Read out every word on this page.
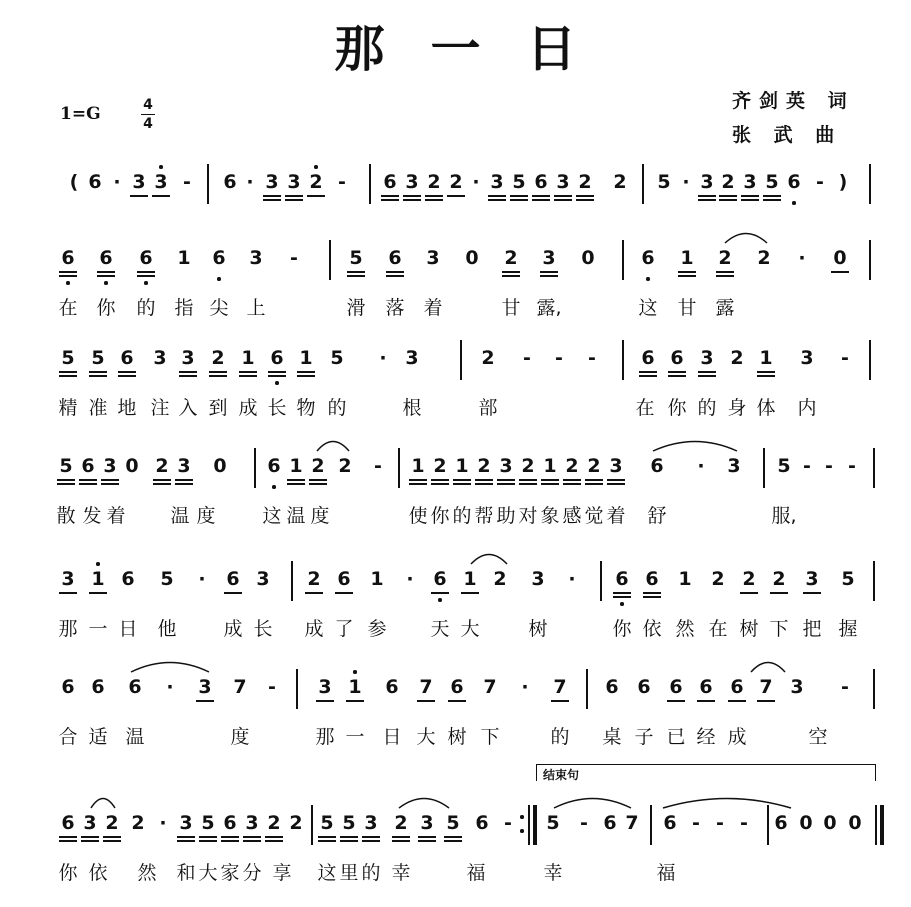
那一日
1=G	4
4
齐剑英 词
张 武 曲
结束句
( 6 · 3 3 -	6 · 3 3 2 -	6 3 2 2 · 3 5 6 3 2 2 5 · 3 2 3 5 6 - )
6 6 6 1 6 3	-	5 6 3 0 2 3 0 6 1 2 2	·	0
在 你 的 指 尖 上	滑 落 着	甘 露,	这 甘 露
5 5 6 3 3 2 1 6 1 5	· 3	2	-	-	-	6 6 3 2 1 3	-
精 准 地 注 入 到 成 长 物 的	根	部	在 你 的 身 体 内
5 6 3 0 2 3 0 6 1 2 2	-	1 2 1 2 3 2 1 2 2 3 6	·	3 5 - - -
散 发 着 温 度 这 温 度	使 你 的 帮 助 对 象 感 觉 着 舒	服,
3 1 6 5	·	6 3 2 6 1	·	6 1 2 3	·	6 6 1 2 2 2 3 5
那 一 日 他 成 长 成 了 参 天 大	树	你 依 然 在 树 下 把 握
6 6 6	·	3 7	-	3 1 6 7 6 7	·	7 6 6 6 6 6 7 3	-
合 适 温	度	那 一 日 大 树 下	的 桌 子 已 经 成	空
6 3 2 2 · 3 5 6 3 2 2 5 5 3 2 3 5 6 -	5	- 6 7 6 - - -	6 0 0 0
你 依 然 和 大 家 分 享 这 里 的 幸	福	幸	福
